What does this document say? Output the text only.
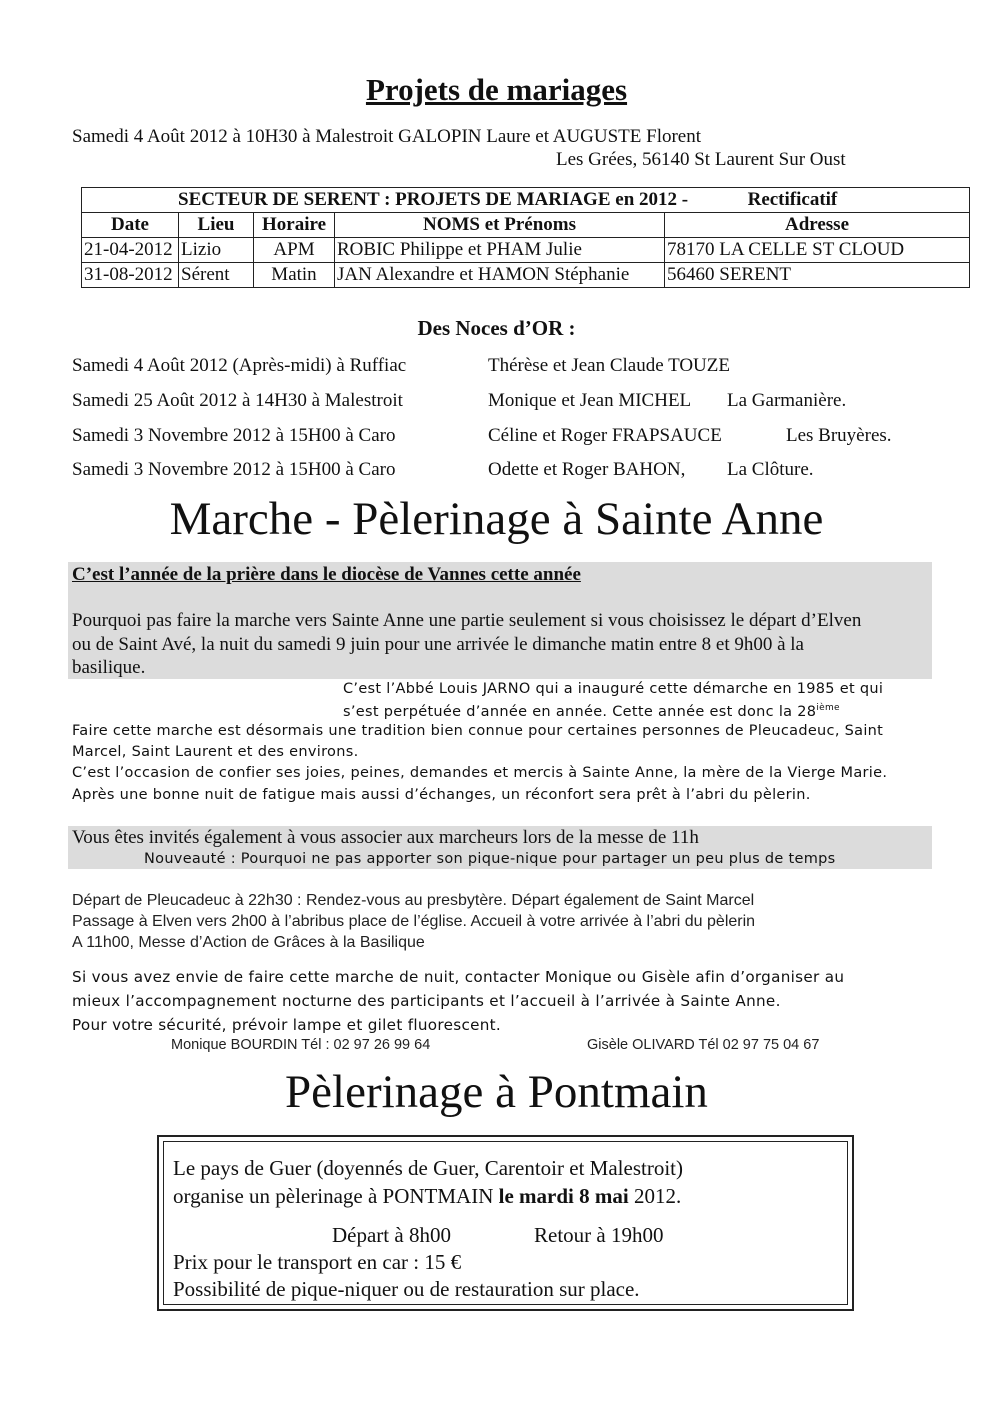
Projets de mariages
Samedi 4 Août 2012 à 10H30 à Malestroit GALOPIN Laure et AUGUSTE Florent
Les Grées, 56140 St Laurent Sur Oust
SECTEUR DE SERENT : PROJETS DE MARIAGE en 2012 - Rectificatif				
Date	Lieu	Horaire	NOMS et Prénoms	Adresse
21-04-2012	Lizio	APM	ROBIC Philippe et PHAM Julie	78170 LA CELLE ST CLOUD
31-08-2012	Sérent	Matin	JAN Alexandre et HAMON Stéphanie	56460 SERENT
Des Noces d’OR :
Samedi 4 Août 2012 (Après-midi) à Ruffiac	Thérèse et Jean Claude TOUZE
Samedi 25 Août 2012 à 14H30 à Malestroit	Monique et Jean MICHEL La Garmanière.
Samedi 3 Novembre 2012 à 15H00 à Caro	Céline et Roger FRAPSAUCE	Les Bruyères.
Samedi 3 Novembre 2012 à 15H00 à Caro	Odette et Roger BAHON, La Clôture.
Marche - Pèlerinage à Sainte Anne
C’est l’année de la prière dans le diocèse de Vannes cette année
Pourquoi pas faire la marche vers Sainte Anne une partie seulement si vous choisissez le départ d’Elven
ou de Saint Avé, la nuit du samedi 9 juin pour une arrivée le dimanche matin entre 8 et 9h00 à la
basilique.
C’est l’Abbé Louis JARNO qui a inauguré cette démarche en 1985 et qui
s’est perpétuée d’année en année. Cette année est donc la 28ième
Faire cette marche est désormais une tradition bien connue pour certaines personnes de Pleucadeuc, Saint
Marcel, Saint Laurent et des environs.
C’est l’occasion de confier ses joies, peines, demandes et mercis à Sainte Anne, la mère de la Vierge Marie.
Après une bonne nuit de fatigue mais aussi d’échanges, un réconfort sera prêt à l’abri du pèlerin.
Vous êtes invités également à vous associer aux marcheurs lors de la messe de 11h
Nouveauté : Pourquoi ne pas apporter son pique-nique pour partager un peu plus de temps
Départ de Pleucadeuc à 22h30 : Rendez-vous au presbytère. Départ également de Saint Marcel
Passage à Elven vers 2h00 à l’abribus place de l’église. Accueil à votre arrivée à l’abri du pèlerin
A 11h00, Messe d’Action de Grâces à la Basilique
Si vous avez envie de faire cette marche de nuit, contacter Monique ou Gisèle afin d’organiser au
mieux l’accompagnement nocturne des participants et l’accueil à l’arrivée à Sainte Anne.
Pour votre sécurité, prévoir lampe et gilet fluorescent.
Monique BOURDIN Tél : 02 97 26 99 64	Gisèle OLIVARD Tél 02 97 75 04 67
Pèlerinage à Pontmain
Le pays de Guer (doyennés de Guer, Carentoir et Malestroit)
organise un pèlerinage à PONTMAIN le mardi 8 mai 2012.
Départ à 8h00	Retour à 19h00
Prix pour le transport en car : 15 €
Possibilité de pique-niquer ou de restauration sur place.
